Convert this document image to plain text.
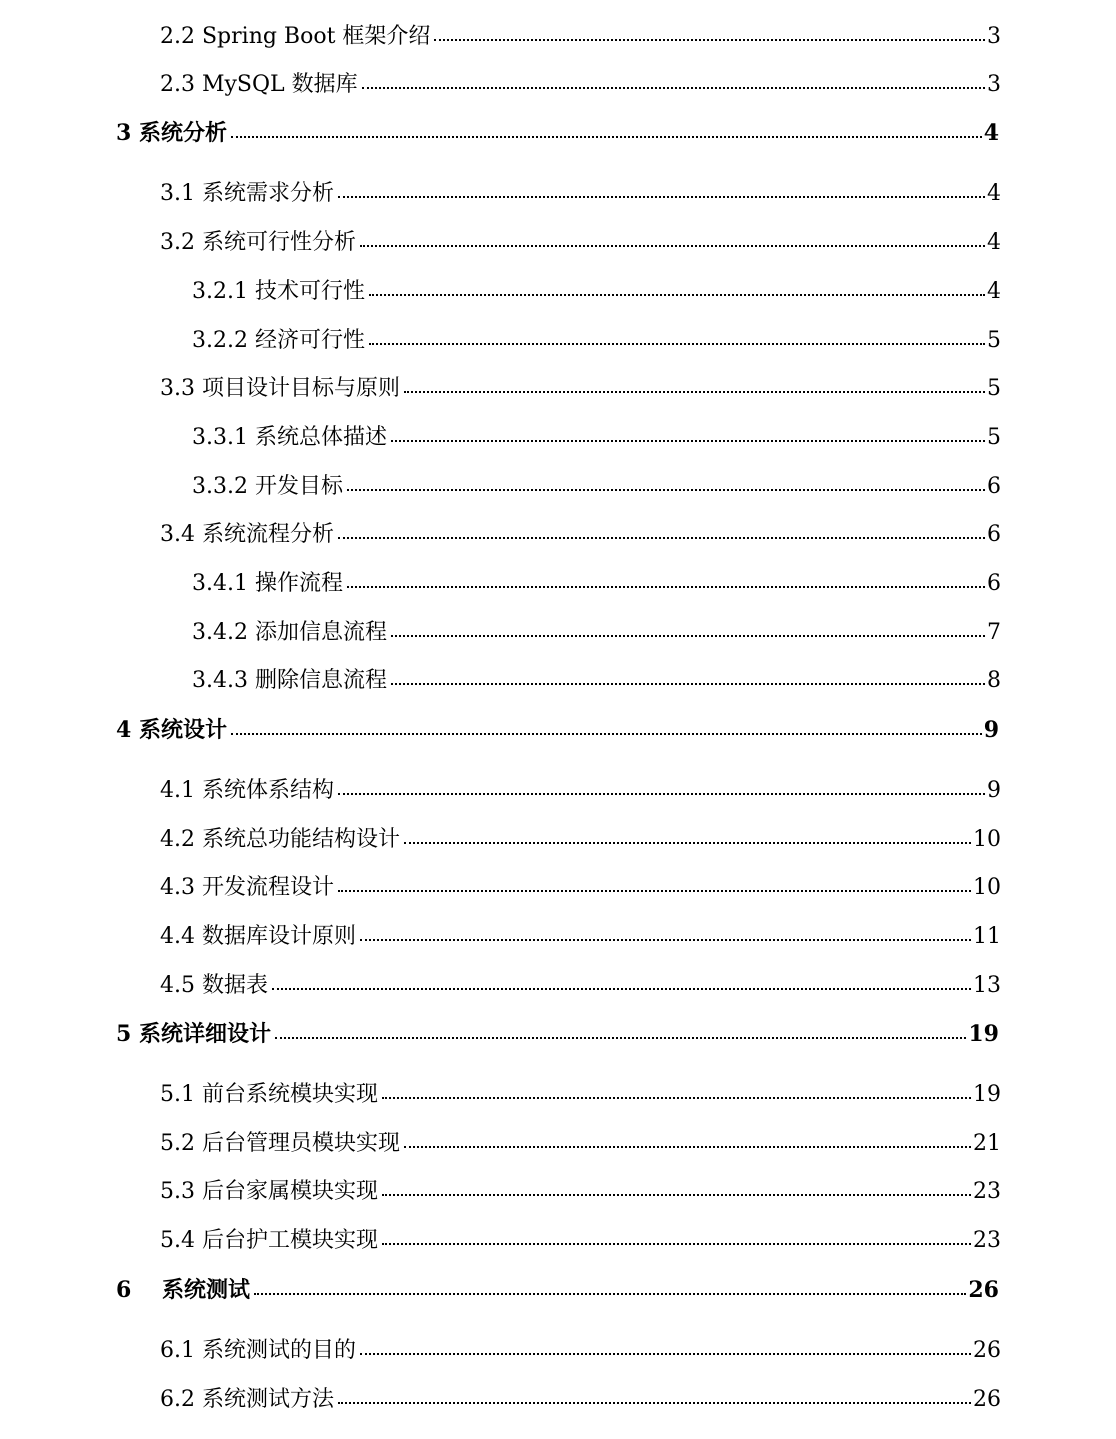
2.2 Spring Boot 框架介绍	3
2.3 MySQL 数据库	3
3 系统分析	4
3.1 系统需求分析	4
3.2 系统可行性分析	4
3.2.1 技术可行性	4
3.2.2 经济可行性	5
3.3 项目设计目标与原则	5
3.3.1 系统总体描述	5
3.3.2 开发目标	6
3.4 系统流程分析	6
3.4.1 操作流程	6
3.4.2 添加信息流程	7
3.4.3 删除信息流程	8
4 系统设计	9
4.1 系统体系结构	9
4.2 系统总功能结构设计	10
4.3 开发流程设计	10
4.4 数据库设计原则	11
4.5 数据表	13
5 系统详细设计	19
5.1 前台系统模块实现	19
5.2 后台管理员模块实现	21
5.3 后台家属模块实现	23
5.4 后台护工模块实现	23
6    系统测试	26
6.1 系统测试的目的	26
6.2 系统测试方法	26
